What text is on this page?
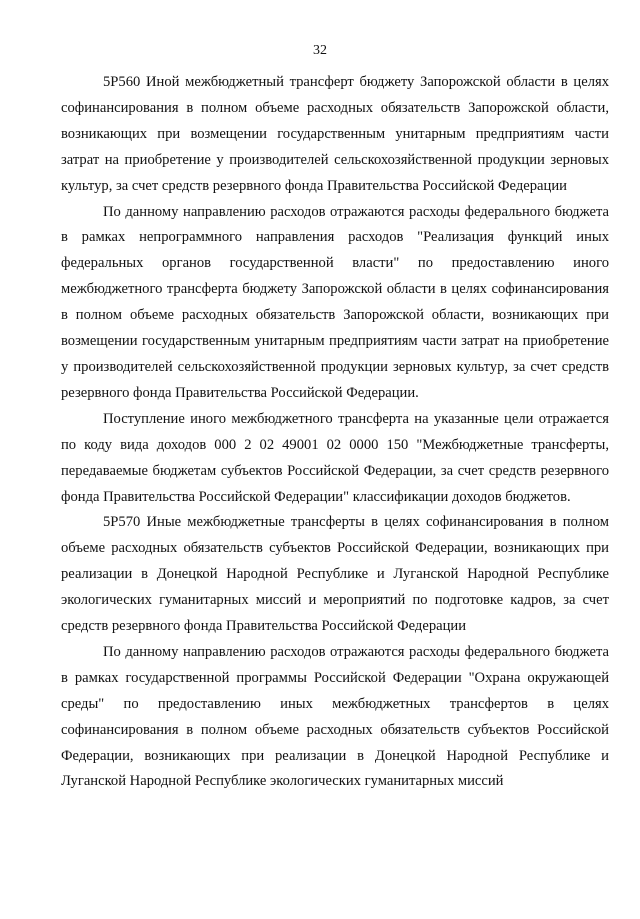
32

5Р560 Иной межбюджетный трансферт бюджету Запорожской области в целях софинансирования в полном объеме расходных обязательств Запорожской области, возникающих при возмещении государственным унитарным предприятиям части затрат на приобретение у производителей сельскохозяйственной продукции зерновых культур, за счет средств резервного фонда Правительства Российской Федерации

По данному направлению расходов отражаются расходы федерального бюджета в рамках непрограммного направления расходов "Реализация функций иных федеральных органов государственной власти" по предоставлению иного межбюджетного трансферта бюджету Запорожской области в целях софинансирования в полном объеме расходных обязательств Запорожской области, возникающих при возмещении государственным унитарным предприятиям части затрат на приобретение у производителей сельскохозяйственной продукции зерновых культур, за счет средств резервного фонда Правительства Российской Федерации.

Поступление иного межбюджетного трансферта на указанные цели отражается по коду вида доходов 000 2 02 49001 02 0000 150 "Межбюджетные трансферты, передаваемые бюджетам субъектов Российской Федерации, за счет средств резервного фонда Правительства Российской Федерации" классификации доходов бюджетов.

5Р570 Иные межбюджетные трансферты в целях софинансирования в полном объеме расходных обязательств субъектов Российской Федерации, возникающих при реализации в Донецкой Народной Республике и Луганской Народной Республике экологических гуманитарных миссий и мероприятий по подготовке кадров, за счет средств резервного фонда Правительства Российской Федерации

По данному направлению расходов отражаются расходы федерального бюджета в рамках государственной программы Российской Федерации "Охрана окружающей среды" по предоставлению иных межбюджетных трансфертов в целях софинансирования в полном объеме расходных обязательств субъектов Российской Федерации, возникающих при реализации в Донецкой Народной Республике и Луганской Народной Республике экологических гуманитарных миссий
